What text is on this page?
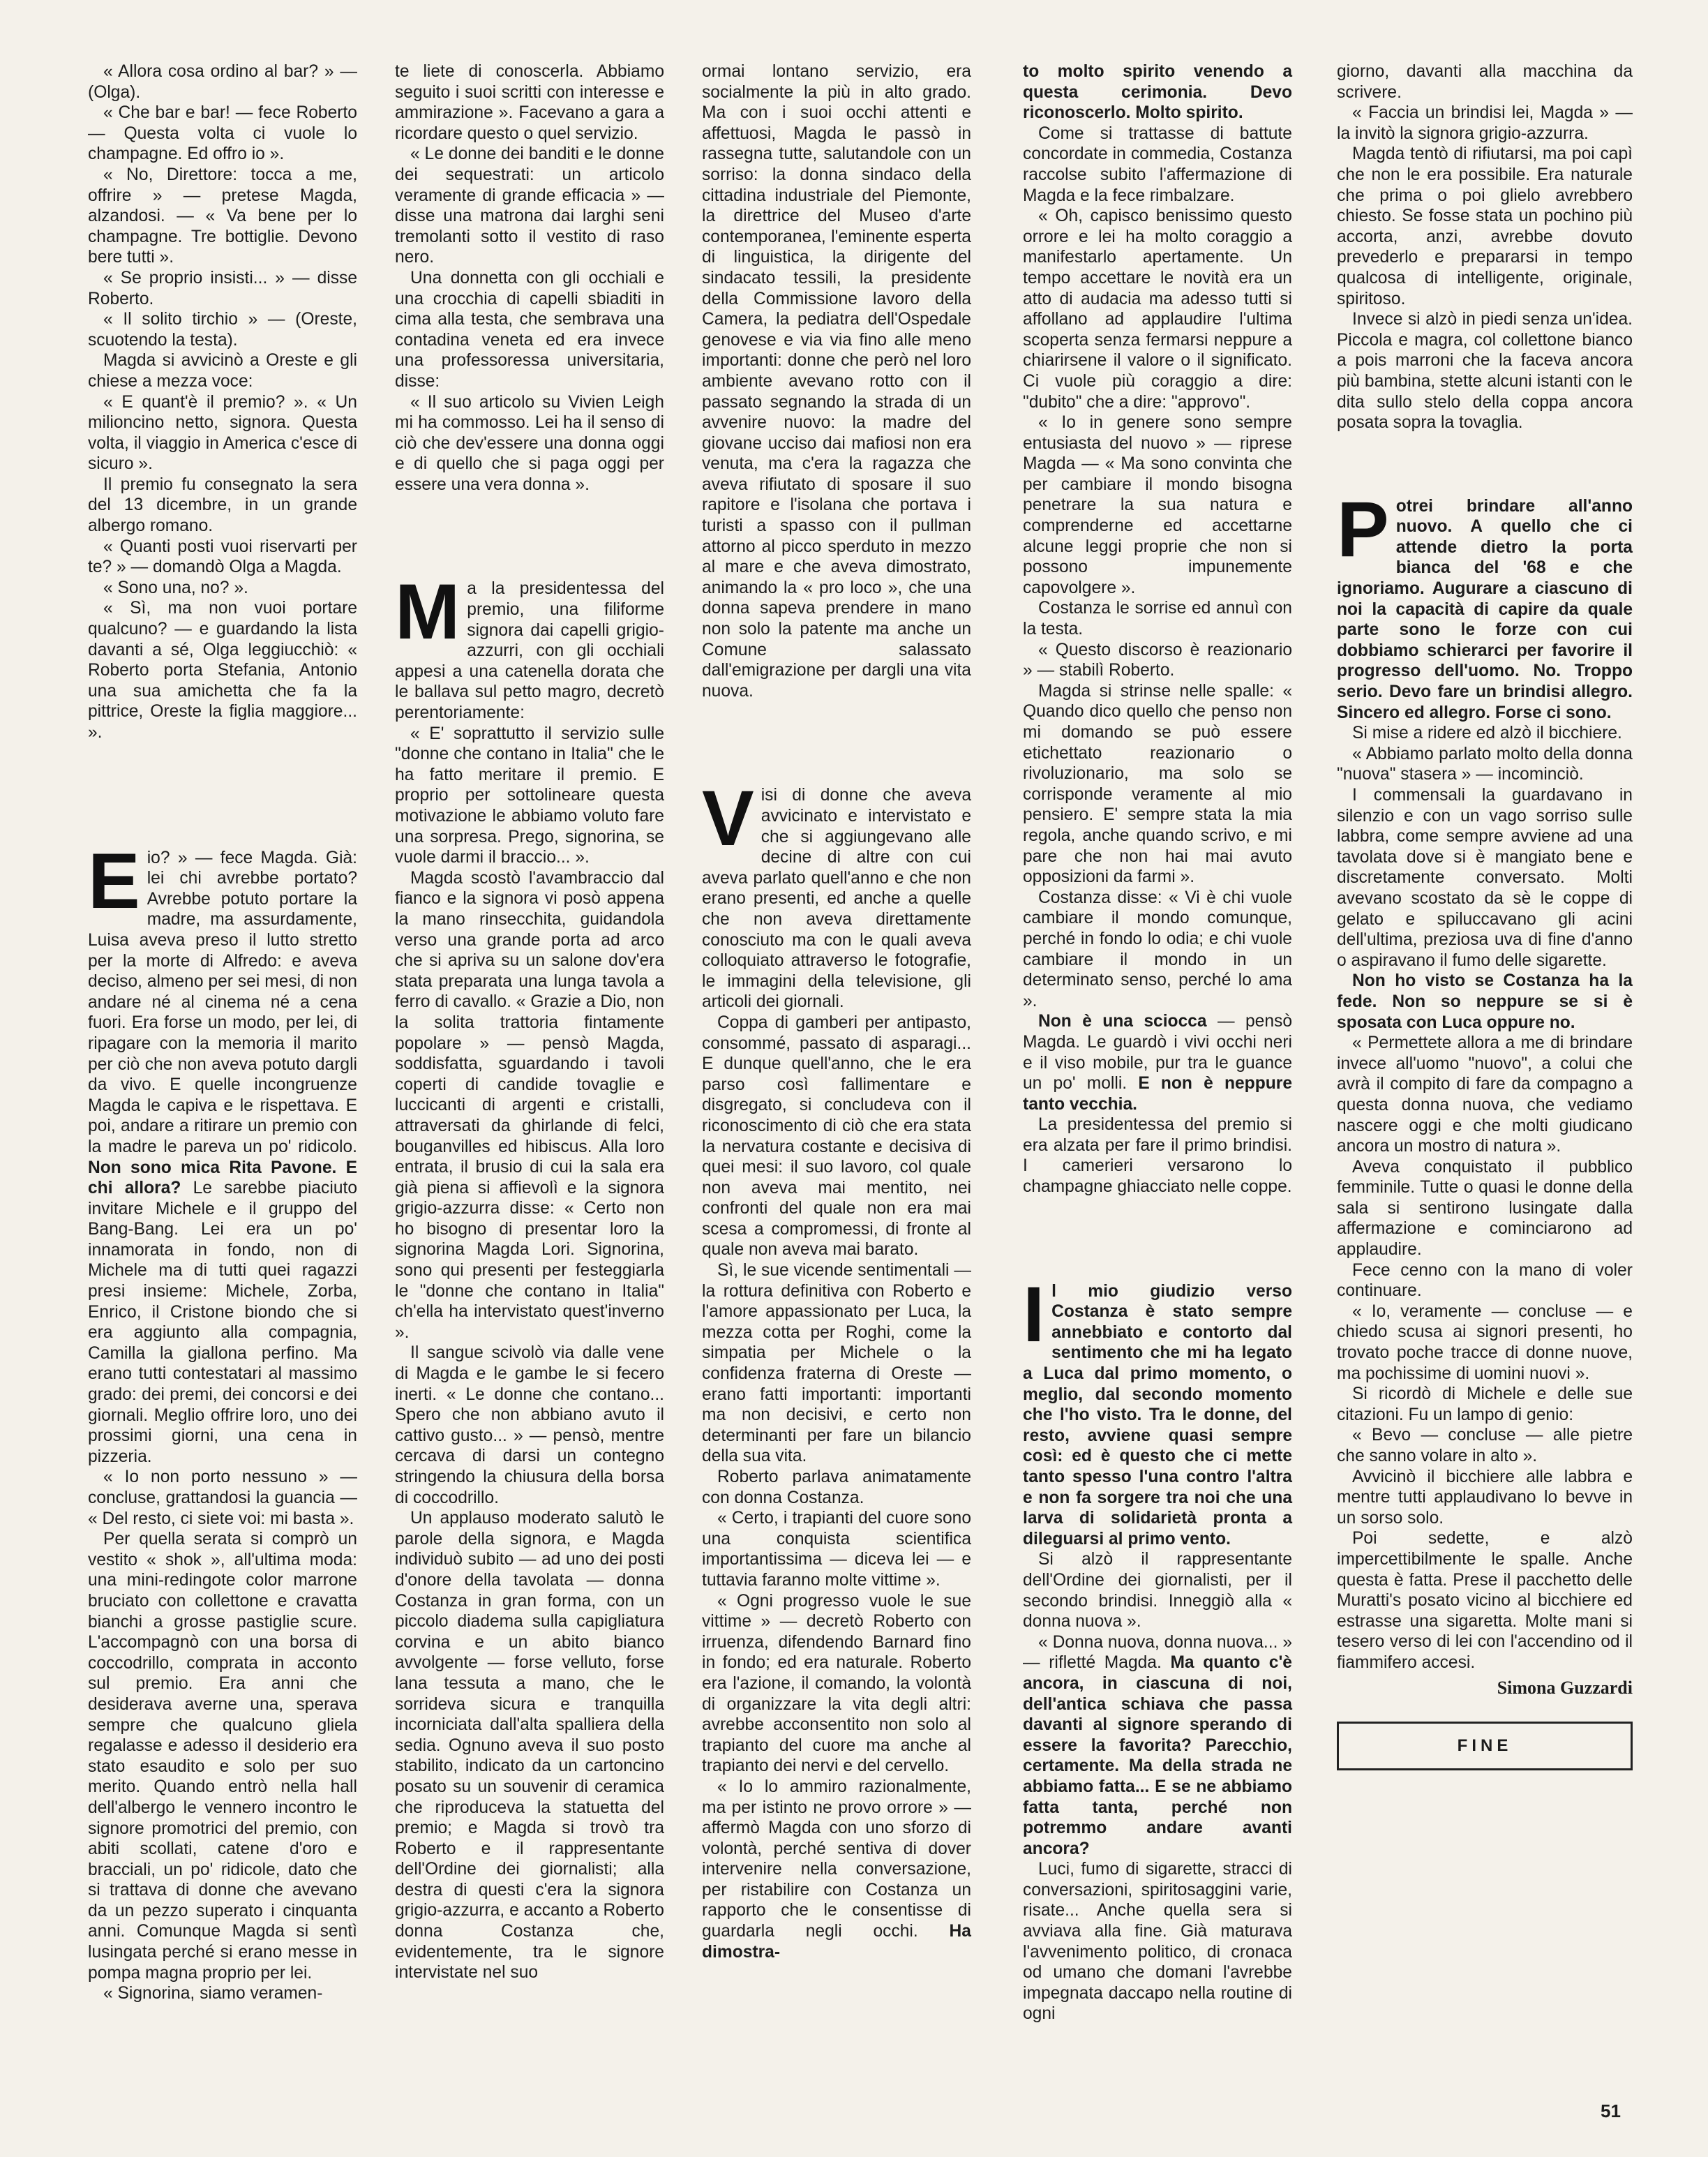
« Allora cosa ordino al bar? » — (Olga).

« Che bar e bar! — fece Roberto — Questa volta ci vuole lo champagne. Ed offro io ».

« No, Direttore: tocca a me, offrire » — pretese Magda, alzandosi. — « Va bene per lo champagne. Tre bottiglie. Devono bere tutti ».

« Se proprio insisti... » — disse Roberto.

« Il solito tirchio » — (Oreste, scuotendo la testa).

Magda si avvicinò a Oreste e gli chiese a mezza voce:

« E quant'è il premio? ». « Un milioncino netto, signora. Questa volta, il viaggio in America c'esce di sicuro ».

Il premio fu consegnato la sera del 13 dicembre, in un grande albergo romano.

« Quanti posti vuoi riservarti per te? » — domandò Olga a Magda.

« Sono una, no? ».

« Sì, ma non vuoi portare qualcuno? — e guardando la lista davanti a sé, Olga leggiucchiò: « Roberto porta Stefania, Antonio una sua amichetta che fa la pittrice, Oreste la figlia maggiore... ».

Eio? » — fece Magda. Già: lei chi avrebbe portato? Avrebbe potuto portare la madre, ma assurdamente, Luisa aveva preso il lutto stretto per la morte di Alfredo: e aveva deciso, almeno per sei mesi, di non andare né al cinema né a cena fuori. Era forse un modo, per lei, di ripagare con la memoria il marito per ciò che non aveva potuto dargli da vivo. E quelle incongruenze Magda le capiva e le rispettava. E poi, andare a ritirare un premio con la madre le pareva un po' ridicolo. Non sono mica Rita Pavone. E chi allora? Le sarebbe piaciuto invitare Michele e il gruppo del Bang-Bang. Lei era un po' innamorata in fondo, non di Michele ma di tutti quei ragazzi presi insieme: Michele, Zorba, Enrico, il Cristone biondo che si era aggiunto alla compagnia, Camilla la giallona perfino. Ma erano tutti contestatari al massimo grado: dei premi, dei concorsi e dei giornali. Meglio offrire loro, uno dei prossimi giorni, una cena in pizzeria.

« Io non porto nessuno » — concluse, grattandosi la guancia — « Del resto, ci siete voi: mi basta ».

Per quella serata si comprò un vestito « shok », all'ultima moda: una mini-redingote color marrone bruciato con collettone e cravatta bianchi a grosse pastiglie scure. L'accompagnò con una borsa di coccodrillo, comprata in acconto sul premio. Era anni che desiderava averne una, sperava sempre che qualcuno gliela regalasse e adesso il desiderio era stato esaudito e solo per suo merito. Quando entrò nella hall dell'albergo le vennero incontro le signore promotrici del premio, con abiti scollati, catene d'oro e bracciali, un po' ridicole, dato che si trattava di donne che avevano da un pezzo superato i cinquanta anni. Comunque Magda si sentì lusingata perché si erano messe in pompa magna proprio per lei.

« Signorina, siamo veramen-

te liete di conoscerla. Abbiamo seguito i suoi scritti con interesse e ammirazione ». Facevano a gara a ricordare questo o quel servizio.

« Le donne dei banditi e le donne dei sequestrati: un articolo veramente di grande efficacia » — disse una matrona dai larghi seni tremolanti sotto il vestito di raso nero.

Una donnetta con gli occhiali e una crocchia di capelli sbiaditi in cima alla testa, che sembrava una contadina veneta ed era invece una professoressa universitaria, disse:

« Il suo articolo su Vivien Leigh mi ha commosso. Lei ha il senso di ciò che dev'essere una donna oggi e di quello che si paga oggi per essere una vera donna ».

Ma la presidentessa del premio, una filiforme signora dai capelli grigio-azzurri, con gli occhiali appesi a una catenella dorata che le ballava sul petto magro, decretò perentoriamente:

« E' soprattutto il servizio sulle "donne che contano in Italia" che le ha fatto meritare il premio. E proprio per sottolineare questa motivazione le abbiamo voluto fare una sorpresa. Prego, signorina, se vuole darmi il braccio... ».

Magda scostò l'avambraccio dal fianco e la signora vi posò appena la mano rinsecchita, guidandola verso una grande porta ad arco che si apriva su un salone dov'era stata preparata una lunga tavola a ferro di cavallo. « Grazie a Dio, non la solita trattoria fintamente popolare » — pensò Magda, soddisfatta, sguardando i tavoli coperti di candide tovaglie e luccicanti di argenti e cristalli, attraversati da ghirlande di felci, bouganvilles ed hibiscus. Alla loro entrata, il brusio di cui la sala era già piena si affievolì e la signora grigio-azzurra disse: « Certo non ho bisogno di presentar loro la signorina Magda Lori. Signorina, sono qui presenti per festeggiarla le "donne che contano in Italia" ch'ella ha intervistato quest'inverno ».

Il sangue scivolò via dalle vene di Magda e le gambe le si fecero inerti. « Le donne che contano... Spero che non abbiano avuto il cattivo gusto... » — pensò, mentre cercava di darsi un contegno stringendo la chiusura della borsa di coccodrillo.

Un applauso moderato salutò le parole della signora, e Magda individuò subito — ad uno dei posti d'onore della tavolata — donna Costanza in gran forma, con un piccolo diadema sulla capigliatura corvina e un abito bianco avvolgente — forse velluto, forse lana tessuta a mano, che le sorrideva sicura e tranquilla incorniciata dall'alta spalliera della sedia. Ognuno aveva il suo posto stabilito, indicato da un cartoncino posato su un souvenir di ceramica che riproduceva la statuetta del premio; e Magda si trovò tra Roberto e il rappresentante dell'Ordine dei giornalisti; alla destra di questi c'era la signora grigio-azzurra, e accanto a Roberto donna Costanza che, evidentemente, tra le signore intervistate nel suo

ormai lontano servizio, era socialmente la più in alto grado. Ma con i suoi occhi attenti e affettuosi, Magda le passò in rassegna tutte, salutandole con un sorriso: la donna sindaco della cittadina industriale del Piemonte, la direttrice del Museo d'arte contemporanea, l'eminente esperta di linguistica, la dirigente del sindacato tessili, la presidente della Commissione lavoro della Camera, la pediatra dell'Ospedale genovese e via via fino alle meno importanti: donne che però nel loro ambiente avevano rotto con il passato segnando la strada di un avvenire nuovo: la madre del giovane ucciso dai mafiosi non era venuta, ma c'era la ragazza che aveva rifiutato di sposare il suo rapitore e l'isolana che portava i turisti a spasso con il pullman attorno al picco sperduto in mezzo al mare e che aveva dimostrato, animando la « pro loco », che una donna sapeva prendere in mano non solo la patente ma anche un Comune salassato dall'emigrazione per dargli una vita nuova.

Visi di donne che aveva avvicinato e intervistato e che si aggiungevano alle decine di altre con cui aveva parlato quell'anno e che non erano presenti, ed anche a quelle che non aveva direttamente conosciuto ma con le quali aveva colloquiato attraverso le fotografie, le immagini della televisione, gli articoli dei giornali.

Coppa di gamberi per antipasto, consommé, passato di asparagi... E dunque quell'anno, che le era parso così fallimentare e disgregato, si concludeva con il riconoscimento di ciò che era stata la nervatura costante e decisiva di quei mesi: il suo lavoro, col quale non aveva mai mentito, nei confronti del quale non era mai scesa a compromessi, di fronte al quale non aveva mai barato.

Sì, le sue vicende sentimentali — la rottura definitiva con Roberto e l'amore appassionato per Luca, la mezza cotta per Roghi, come la simpatia per Michele o la confidenza fraterna di Oreste — erano fatti importanti: importanti ma non decisivi, e certo non determinanti per fare un bilancio della sua vita.

Roberto parlava animatamente con donna Costanza.

« Certo, i trapianti del cuore sono una conquista scientifica importantissima — diceva lei — e tuttavia faranno molte vittime ».

« Ogni progresso vuole le sue vittime » — decretò Roberto con irruenza, difendendo Barnard fino in fondo; ed era naturale. Roberto era l'azione, il comando, la volontà di organizzare la vita degli altri: avrebbe acconsentito non solo al trapianto del cuore ma anche al trapianto dei nervi e del cervello.

« Io lo ammiro razionalmente, ma per istinto ne provo orrore » — affermò Magda con uno sforzo di volontà, perché sentiva di dover intervenire nella conversazione, per ristabilire con Costanza un rapporto che le consentisse di guardarla negli occhi. Ha dimostra-

to molto spirito venendo a questa cerimonia. Devo riconoscerlo. Molto spirito.

Come si trattasse di battute concordate in commedia, Costanza raccolse subito l'affermazione di Magda e la fece rimbalzare.

« Oh, capisco benissimo questo orrore e lei ha molto coraggio a manifestarlo apertamente. Un tempo accettare le novità era un atto di audacia ma adesso tutti si affollano ad applaudire l'ultima scoperta senza fermarsi neppure a chiarirsene il valore o il significato. Ci vuole più coraggio a dire: "dubito" che a dire: "approvo".

« Io in genere sono sempre entusiasta del nuovo » — riprese Magda — « Ma sono convinta che per cambiare il mondo bisogna penetrare la sua natura e comprenderne ed accettarne alcune leggi proprie che non si possono impunemente capovolgere ».

Costanza le sorrise ed annuì con la testa.

« Questo discorso è reazionario » — stabilì Roberto.

Magda si strinse nelle spalle: « Quando dico quello che penso non mi domando se può essere etichettato reazionario o rivoluzionario, ma solo se corrisponde veramente al mio pensiero. E' sempre stata la mia regola, anche quando scrivo, e mi pare che non hai mai avuto opposizioni da farmi ».

Costanza disse: « Vi è chi vuole cambiare il mondo comunque, perché in fondo lo odia; e chi vuole cambiare il mondo in un determinato senso, perché lo ama ».

Non è una sciocca — pensò Magda. Le guardò i vivi occhi neri e il viso mobile, pur tra le guance un po' molli. E non è neppure tanto vecchia.

La presidentessa del premio si era alzata per fare il primo brindisi. I camerieri versarono lo champagne ghiacciato nelle coppe.

Il mio giudizio verso Costanza è stato sempre annebbiato e contorto dal sentimento che mi ha legato a Luca dal primo momento, o meglio, dal secondo momento che l'ho visto. Tra le donne, del resto, avviene quasi sempre così: ed è questo che ci mette tanto spesso l'una contro l'altra e non fa sorgere tra noi che una larva di solidarietà pronta a dileguarsi al primo vento.

Si alzò il rappresentante dell'Ordine dei giornalisti, per il secondo brindisi. Inneggiò alla « donna nuova ».

« Donna nuova, donna nuova... » — rifletté Magda. Ma quanto c'è ancora, in ciascuna di noi, dell'antica schiava che passa davanti al signore sperando di essere la favorita? Parecchio, certamente. Ma della strada ne abbiamo fatta... E se ne abbiamo fatta tanta, perché non potremmo andare avanti ancora?

Luci, fumo di sigarette, stracci di conversazioni, spiritosaggini varie, risate... Anche quella sera si avviava alla fine. Già maturava l'avvenimento politico, di cronaca od umano che domani l'avrebbe impegnata daccapo nella routine di ogni

giorno, davanti alla macchina da scrivere.

« Faccia un brindisi lei, Magda » — la invitò la signora grigio-azzurra.

Magda tentò di rifiutarsi, ma poi capì che non le era possibile. Era naturale che prima o poi glielo avrebbero chiesto. Se fosse stata un pochino più accorta, anzi, avrebbe dovuto prevederlo e prepararsi in tempo qualcosa di intelligente, originale, spiritoso.

Invece si alzò in piedi senza un'idea. Piccola e magra, col collettone bianco a pois marroni che la faceva ancora più bambina, stette alcuni istanti con le dita sullo stelo della coppa ancora posata sopra la tovaglia.

Potrei brindare all'anno nuovo. A quello che ci attende dietro la porta bianca del '68 e che ignoriamo. Augurare a ciascuno di noi la capacità di capire da quale parte sono le forze con cui dobbiamo schierarci per favorire il progresso dell'uomo. No. Troppo serio. Devo fare un brindisi allegro. Sincero ed allegro. Forse ci sono.

Si mise a ridere ed alzò il bicchiere.

« Abbiamo parlato molto della donna "nuova" stasera » — incominciò.

I commensali la guardavano in silenzio e con un vago sorriso sulle labbra, come sempre avviene ad una tavolata dove si è mangiato bene e discretamente conversato. Molti avevano scostato da sè le coppe di gelato e spiluccavano gli acini dell'ultima, preziosa uva di fine d'anno o aspiravano il fumo delle sigarette.

Non ho visto se Costanza ha la fede. Non so neppure se si è sposata con Luca oppure no.

« Permettete allora a me di brindare invece all'uomo "nuovo", a colui che avrà il compito di fare da compagno a questa donna nuova, che vediamo nascere oggi e che molti giudicano ancora un mostro di natura ».

Aveva conquistato il pubblico femminile. Tutte o quasi le donne della sala si sentirono lusingate dalla affermazione e cominciarono ad applaudire.

Fece cenno con la mano di voler continuare.

« Io, veramente — concluse — e chiedo scusa ai signori presenti, ho trovato poche tracce di donne nuove, ma pochissime di uomini nuovi ».

Si ricordò di Michele e delle sue citazioni. Fu un lampo di genio:

« Bevo — concluse — alle pietre che sanno volare in alto ».

Avvicinò il bicchiere alle labbra e mentre tutti applaudivano lo bevve in un sorso solo.

Poi sedette, e alzò impercettibilmente le spalle. Anche questa è fatta. Prese il pacchetto delle Muratti's posato vicino al bicchiere ed estrasse una sigaretta. Molte mani si tesero verso di lei con l'accendino od il fiammifero accesi.

Simona Guzzardi
FINE
51
